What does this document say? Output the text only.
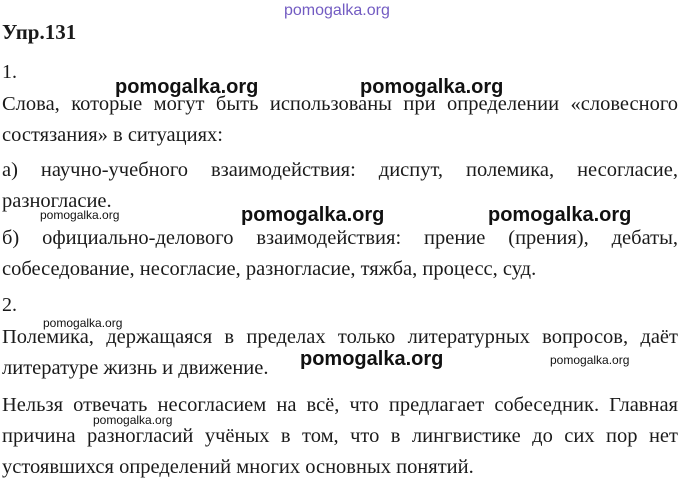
Упр.131
1.

Слова, которые могут быть использованы при определении «словесного состязания» в ситуациях:

а) научно-учебного взаимодействия: диспут, полемика, несогласие, разногласие.

б) официально-делового взаимодействия: прение (прения), дебаты, собеседование, несогласие, разногласие, тяжба, процесс, суд.

2.

Полемика, держащаяся в пределах только литературных вопросов, даёт литературе жизнь и движение.

Нельзя отвечать несогласием на всё, что предлагает собеседник. Главная причина разногласий учёных в том, что в лингвистике до сих пор нет устоявшихся определений многих основных понятий.

pomogalka.org
pomogalka.org	pomogalka.org
pomogalka.org	pomogalka.org	pomogalka.org
pomogalka.org
pomogalka.org	pomogalka.org
pomogalka.org
